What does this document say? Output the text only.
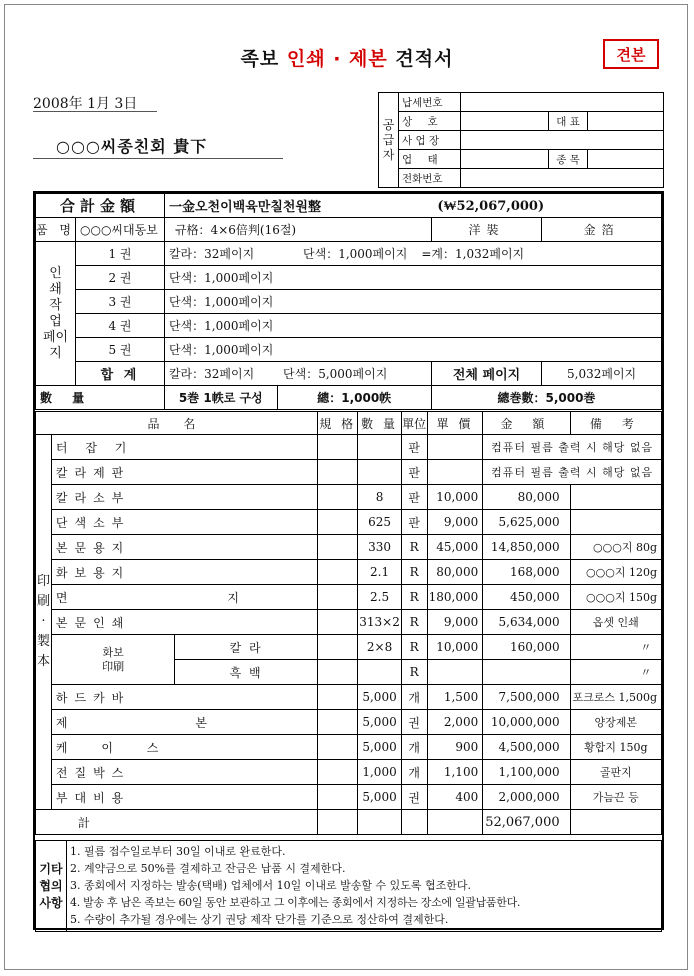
족보 인쇄 · 제본 견적서	견본
2008年 1月 3日
○○○씨종친회 貴下
공급자	납세번호			
	상 호		대 표	
	사 업 장			
	업 태		종 목	
	전화번호			
合計金額		一金오천이백육만칠천원整		(₩52,067,000)	
품 명	○○○씨대동보	규格：4×6倍判(16절)		洋裝	金箔

인 쇄 작 업 페이지	1 권	칼라：32페이지	단색：1,000페이지 =	계：1,032페이지	
	2 권	단색：1,000페이지			
	3 권	단색：1,000페이지			
	4 권	단색：1,000페이지			
	5 권	단색：1,000페이지			
	합 계	칼라：32페이지	단색：5,000페이지	전체 페이지	5,032페이지
數 量		5巻 1帙로 구성	總：1,000帙	總巻數：5,000巻	
品 名			規 格	數 量	單位	單 價	金 額	備 考

印 刷 · 製 本	터 잡 기				판		컴퓨터 필름 출력 시 해당 없음	
	칼라제판				판		컴퓨터 필름 출력 시 해당 없음	
	칼라소부			8	판	10,000	80,000	
	단색소부			625	판	9,000	5,625,000	
	본문용지			330	R	45,000	14,850,000	○○○지 80g
	화보용지			2.1	R	80,000	168,000	○○○지 120g
	면 지			2.5	R	180,000	450,000	○○○지 150g
	본문인쇄			313×2	R	9,000	5,634,000	옵셋 인쇄

	화보 印刷	칼 라		2×8	R	10,000	160,000	〃
		흑 백			R			〃
	하드카바			5,000	개	1,500	7,500,000	포크로스 1,500g
	제 본			5,000	권	2,000	10,000,000	양장제본
	케 이 스			5,000	개	900	4,500,000	황합지 150g
	전질박스			1,000	개	1,100	1,100,000	골판지
	부대비용			5,000	권	400	2,000,000	가늠끈 등
計							52,067,000	
기타 협의 사항

1. 필름 접수일로부터 30일 이내로 완료한다.
2. 계약금으로 50%를 결제하고 잔금은 납품 시 결제한다.
3. 종회에서 지정하는 발송(택배) 업체에서 10일 이내로 발송할 수 있도록 협조한다.
4. 발송 후 남은 족보는 60일 동안 보관하고 그 이후에는 종회에서 지정하는 장소에 일괄납품한다.
5. 수량이 추가될 경우에는 상기 권당 제작 단가를 기준으로 정산하여 결제한다.
